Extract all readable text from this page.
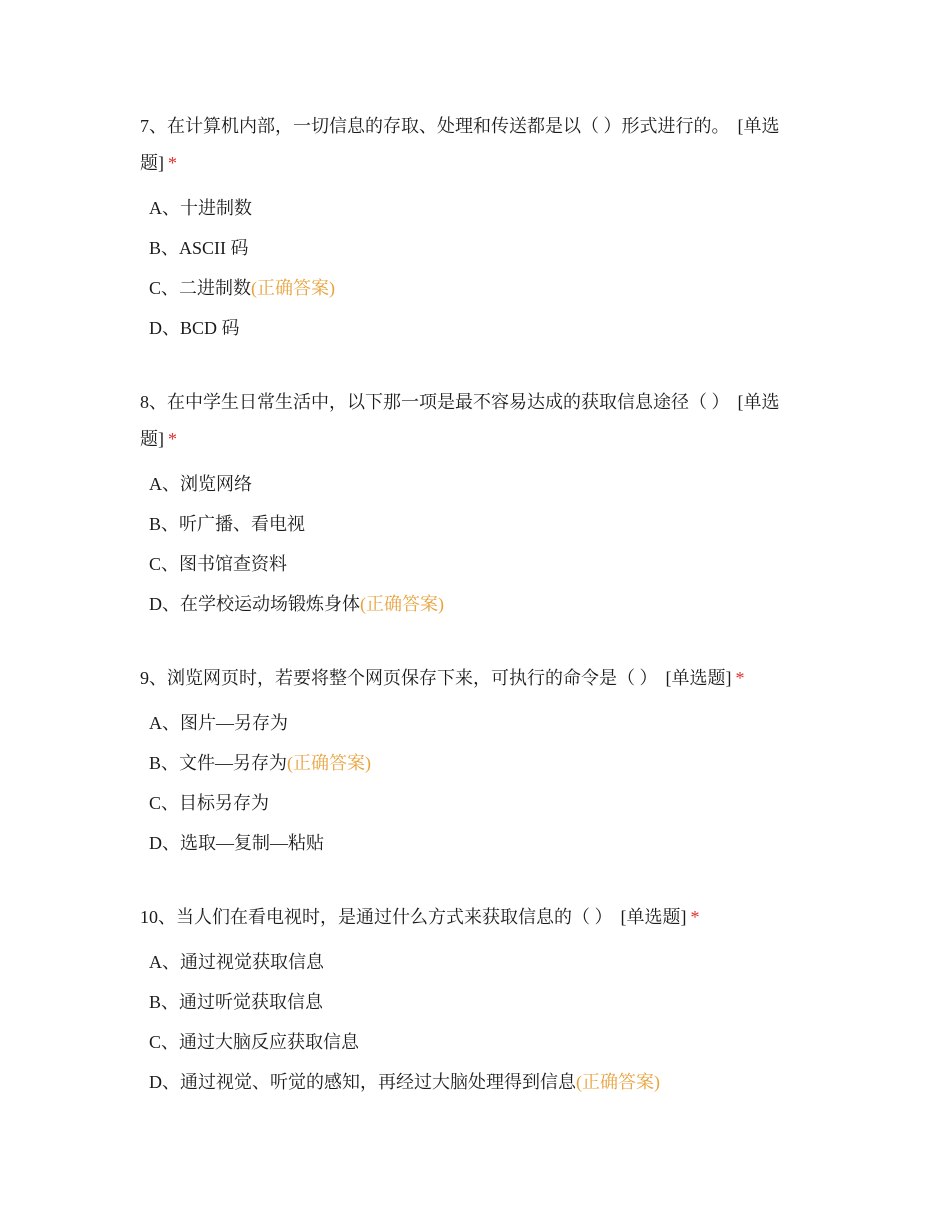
7、在计算机内部，一切信息的存取、处理和传送都是以（ ）形式进行的。 [单选题] *

A、十进制数
B、ASCII 码
C、二进制数(正确答案)
D、BCD 码

8、在中学生日常生活中，以下那一项是最不容易达成的获取信息途径（ ） [单选题] *

A、浏览网络
B、听广播、看电视
C、图书馆查资料
D、在学校运动场锻炼身体(正确答案)

9、浏览网页时，若要将整个网页保存下来，可执行的命令是（ ） [单选题] *

A、图片—另存为
B、文件—另存为(正确答案)
C、目标另存为
D、选取—复制—粘贴

10、当人们在看电视时，是通过什么方式来获取信息的（ ） [单选题] *

A、通过视觉获取信息
B、通过听觉获取信息
C、通过大脑反应获取信息
D、通过视觉、听觉的感知，再经过大脑处理得到信息(正确答案)
